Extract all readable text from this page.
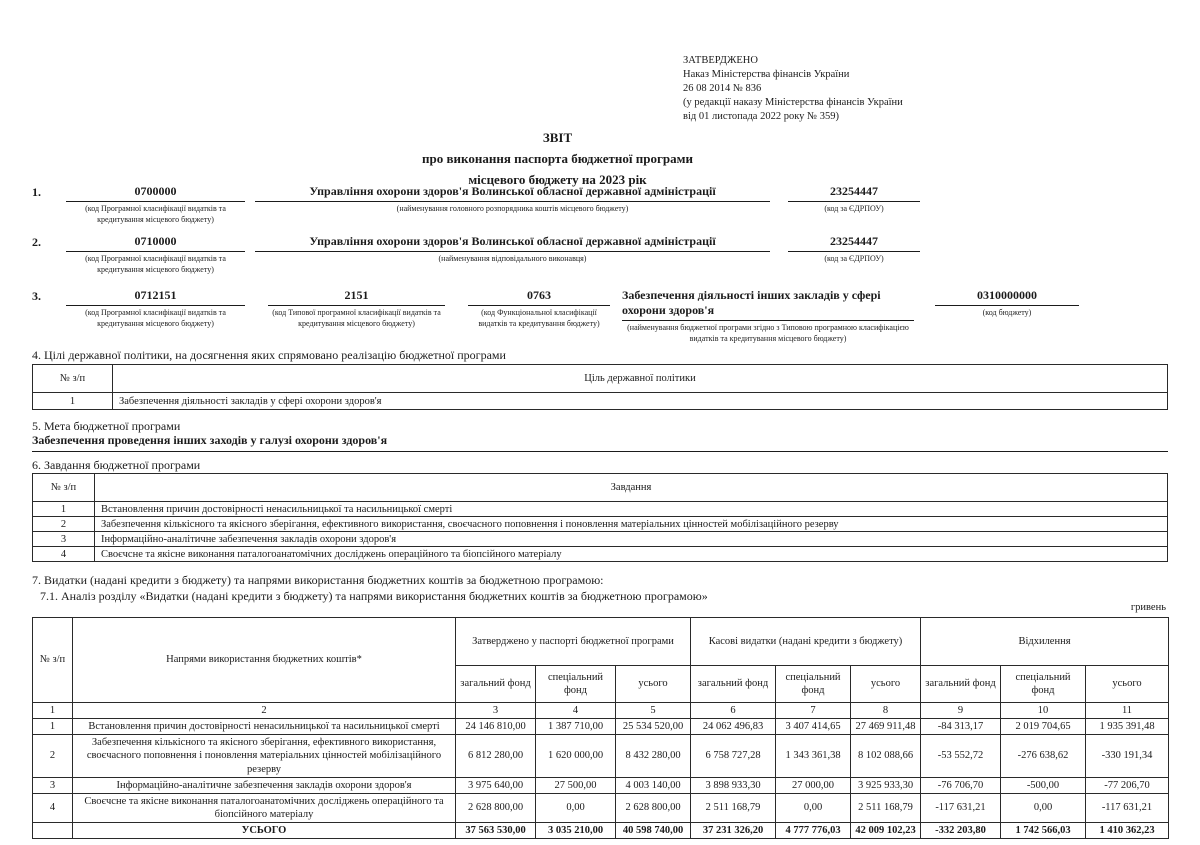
ЗАТВЕРДЖЕНО
Наказ Міністерства фінансів України
26 08 2014 № 836
(у редакції наказу Міністерства фінансів України
від 01 листопада 2022 року № 359)
ЗВІТ
про виконання паспорта бюджетної програми
місцевого бюджету на 2023 рік
1.	0700000
(код Програмної класифікації видатків та кредитування місцевого бюджету)
Управління охорони здоров'я Волинської обласної державної адміністрації
(найменування головного розпорядника коштів місцевого бюджету)
23254447
(код за ЄДРПОУ)
2.	0710000
(код Програмної класифікації видатків та кредитування місцевого бюджету)
Управління охорони здоров'я Волинської обласної державної адміністрації
(найменування відповідального виконавця)
23254447
(код за ЄДРПОУ)
3.	0712151
(код Програмної класифікації видатків та кредитування місцевого бюджету)
2151
(код Типової програмної класифікації видатків та кредитування місцевого бюджету)
0763
(код Функціональної класифікації видатків та кредитування бюджету)
Забезпечення діяльності інших закладів у сфері охорони здоров'я
(найменування бюджетної програми згідно з Типовою програмною класифікацією видатків та кредитування місцевого бюджету)
0310000000
(код бюджету)
4. Цілі державної політики, на досягнення яких спрямовано реалізацію бюджетної програми
№ з/п	Ціль державної політики
1	Забезпечення діяльності закладів у сфері охорони здоров'я
5. Мета бюджетної програми
Забезпечення проведення інших заходів у галузі охорони здоров'я
6. Завдання бюджетної програми
№ з/п	Завдання
1	Встановлення причин достовірності ненасильницької та насильницької смерті
2	Забезпечення кількісного та якісного зберігання, ефективного використання, своєчасного поповнення і поновлення матеріальних цінностей мобілізаційного резерву
3	Інформаційно-аналітичне забезпечення закладів охорони здоров'я
4	Своєчсне та якісне виконання паталогоанатомічних досліджень операційного та біопсійного матеріалу
7. Видатки (надані кредити з бюджету) та напрями використання бюджетних коштів за бюджетною програмою:
7.1. Аналіз розділу «Видатки (надані кредити з бюджету) та напрями використання бюджетних коштів за бюджетною програмою»
гривень
№ з/п	Напрями використання бюджетних коштів*	Затверджено у паспорті бюджетної програми			Касові видатки (надані кредити з бюджету)			Відхилення		
		загальний фонд	спеціальний фонд	усього	загальний фонд	спеціальний фонд	усього	загальний фонд	спеціальний фонд	усього
1	2	3	4	5	6	7	8	9	10	11
1	Встановлення причин достовірності ненасильницької та насильницької смерті	24 146 810,00	1 387 710,00	25 534 520,00	24 062 496,83	3 407 414,65	27 469 911,48	-84 313,17	2 019 704,65	1 935 391,48
2	Забезпечення кількісного та якісного зберігання, ефективного використання, своєчасного поповнення і поновлення матеріальних цінностей мобілізаційного резерву	6 812 280,00	1 620 000,00	8 432 280,00	6 758 727,28	1 343 361,38	8 102 088,66	-53 552,72	-276 638,62	-330 191,34
3	Інформаційно-аналітичне забезпечення закладів охорони здоров'я	3 975 640,00	27 500,00	4 003 140,00	3 898 933,30	27 000,00	3 925 933,30	-76 706,70	-500,00	-77 206,70
4	Своєчсне та якісне виконання паталогоанатомічних досліджень операційного та біопсійного матеріалу	2 628 800,00	0,00	2 628 800,00	2 511 168,79	0,00	2 511 168,79	-117 631,21	0,00	-117 631,21
	УСЬОГО	37 563 530,00	3 035 210,00	40 598 740,00	37 231 326,20	4 777 776,03	42 009 102,23	-332 203,80	1 742 566,03	1 410 362,23
